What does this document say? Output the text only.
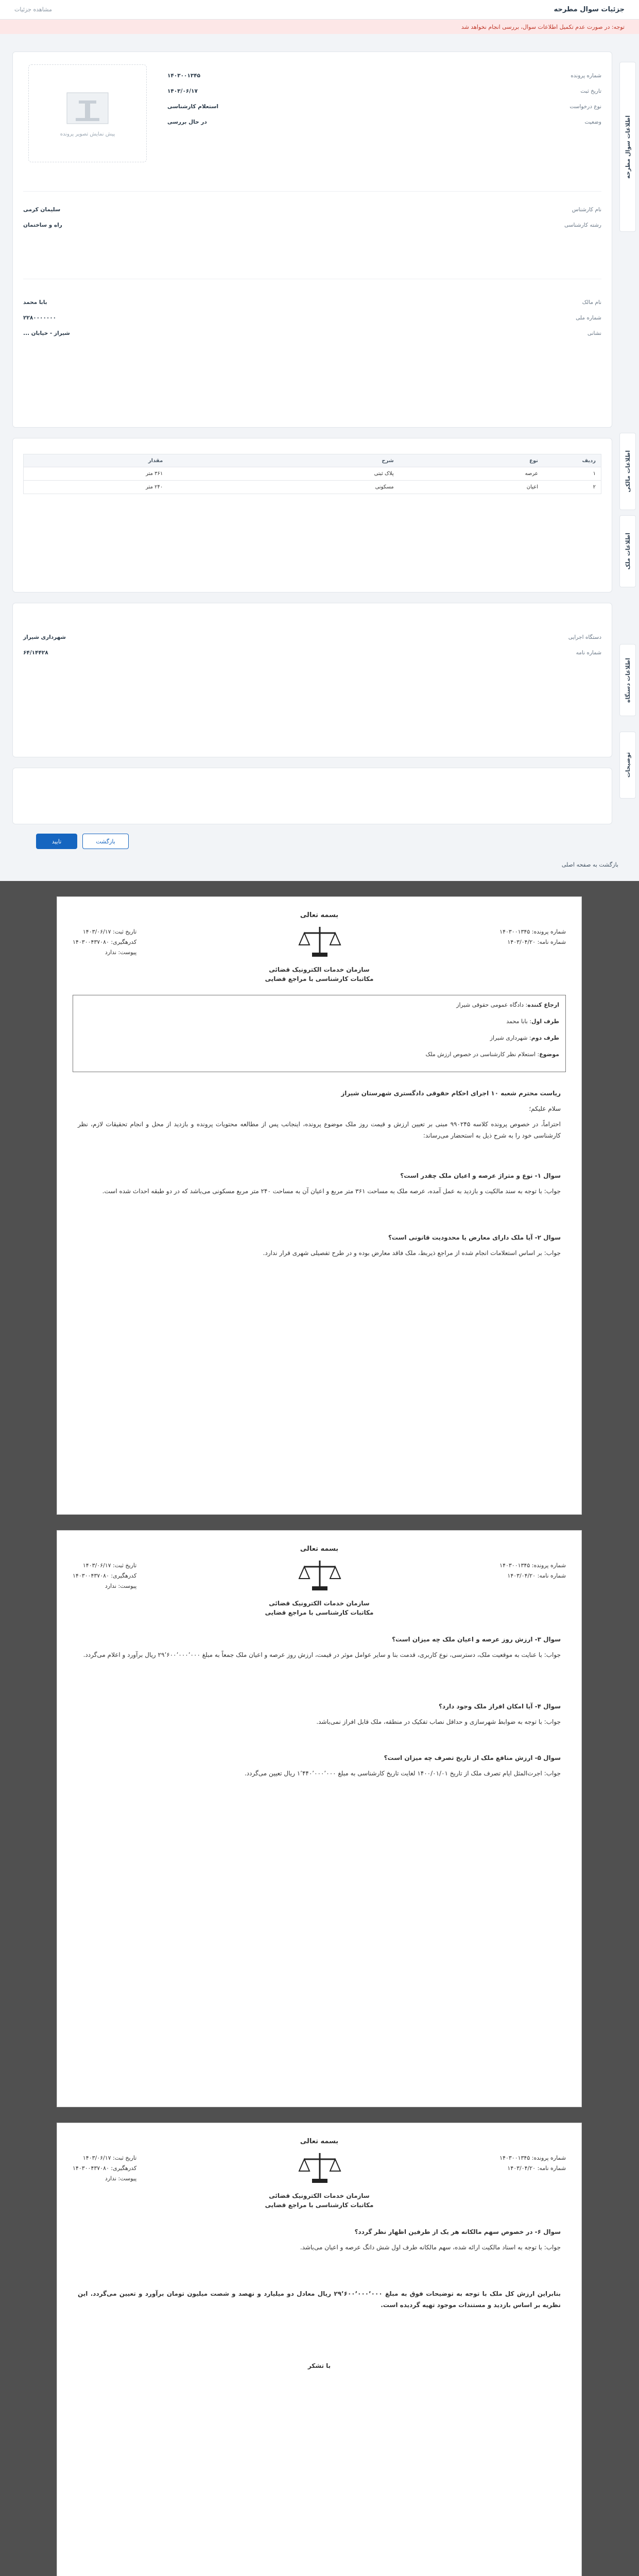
جزئیات سوال مطرحه
مشاهده جزئیات
توجه: در صورت عدم تکمیل اطلاعات سوال، بررسی انجام نخواهد شد
اطلاعات سوال مطرحه
اطلاعات مالکی
اطلاعات ملک
اطلاعات دستگاه
توضیحات
پیش نمایش تصویر پرونده
شماره پرونده
۱۴۰۳۰۰۱۳۴۵
تاریخ ثبت
۱۴۰۳/۰۶/۱۷
نوع درخواست
استعلام کارشناسی
وضعیت
در حال بررسی
نام کارشناس
سلیمان کرمی
رشته کارشناسی
راه و ساختمان
نام مالک
بابا محمد
شماره ملی
۲۲۸۰۰۰۰۰۰۰
نشانی
شیراز - خیابان ...
ردیف
نوع
شرح
مقدار
۱
عرصه
پلاک ثبتی
۳۶۱ متر
۲
اعیان
مسکونی
۲۴۰ متر
دستگاه اجرایی
شهرداری شیراز
شماره نامه
۶۴/۱۴۴۲۸
تایید	بازگشت
بازگشت به صفحه اصلی
بسمه تعالی
تاریخ ثبت: ۱۴۰۳/۰۶/۱۷
کدرهگیری: ۱۴۰۳۰۰۴۳۷۰۸۰
پیوست: ندارد
شماره پرونده: ۱۴۰۳۰۰۱۳۴۵
شماره نامه: ۱۴۰۳/۰۴/۲۰
سازمان خدمات الکترونیک قضائی
مکاتبات کارشناسی با مراجع قضایی
ارجاع کننده: دادگاه عمومی حقوقی شیراز
طرف اول: بابا محمد
طرف دوم: شهرداری شیراز
موضوع: استعلام نظر کارشناسی در خصوص ارزش ملک
ریاست محترم شعبه ۱۰ اجرای احکام حقوقی دادگستری شهرستان شیراز
سلام علیکم؛
احتراماً، در خصوص پرونده کلاسه ۹۹۰۲۴۵ مبنی بر تعیین ارزش و قیمت روز ملک موضوع پرونده، اینجانب پس از مطالعه محتویات پرونده و بازدید از محل و انجام تحقیقات لازم، نظر کارشناسی خود را به شرح ذیل به استحضار می‌رساند:
سوال ۱- نوع و متراژ عرصه و اعیان ملک چقدر است؟
جواب: با توجه به سند مالکیت و بازدید به عمل آمده، عرصه ملک به مساحت ۳۶۱ متر مربع و اعیان آن به مساحت ۲۴۰ متر مربع مسکونی می‌باشد که در دو طبقه احداث شده است.
سوال ۲- آیا ملک دارای معارض یا محدودیت قانونی است؟
جواب: بر اساس استعلامات انجام شده از مراجع ذیربط، ملک فاقد معارض بوده و در طرح تفصیلی شهری قرار ندارد.
بسمه تعالی
تاریخ ثبت: ۱۴۰۳/۰۶/۱۷
کدرهگیری: ۱۴۰۳۰۰۴۳۷۰۸۰
پیوست: ندارد
شماره پرونده: ۱۴۰۳۰۰۱۳۴۵
شماره نامه: ۱۴۰۳/۰۴/۲۰
سازمان خدمات الکترونیک قضائی
مکاتبات کارشناسی با مراجع قضایی
سوال ۳- ارزش روز عرصه و اعیان ملک چه میزان است؟
جواب: با عنایت به موقعیت ملک، دسترسی، نوع کاربری، قدمت بنا و سایر عوامل موثر در قیمت، ارزش روز عرصه و اعیان ملک جمعاً به مبلغ ۲۹٬۶۰۰٬۰۰۰٬۰۰۰ ریال برآورد و اعلام می‌گردد.
سوال ۴- آیا امکان افراز ملک وجود دارد؟
جواب: با توجه به ضوابط شهرسازی و حداقل نصاب تفکیک در منطقه، ملک قابل افراز نمی‌باشد.
سوال ۵- ارزش منافع ملک از تاریخ تصرف چه میزان است؟
جواب: اجرت‌المثل ایام تصرف ملک از تاریخ ۱۴۰۰/۰۱/۰۱ لغایت تاریخ کارشناسی به مبلغ ۱٬۴۴۰٬۰۰۰٬۰۰۰ ریال تعیین می‌گردد.
بسمه تعالی
تاریخ ثبت: ۱۴۰۳/۰۶/۱۷
کدرهگیری: ۱۴۰۳۰۰۴۳۷۰۸۰
پیوست: ندارد
شماره پرونده: ۱۴۰۳۰۰۱۳۴۵
شماره نامه: ۱۴۰۳/۰۴/۲۰
سازمان خدمات الکترونیک قضائی
مکاتبات کارشناسی با مراجع قضایی
سوال ۶- در خصوص سهم مالکانه هر یک از طرفین اظهار نظر گردد؟
جواب: با توجه به اسناد مالکیت ارائه شده، سهم مالکانه طرف اول شش دانگ عرصه و اعیان می‌باشد.
بنابراین ارزش کل ملک با توجه به توضیحات فوق به مبلغ ۲۹٬۶۰۰٬۰۰۰٬۰۰۰ ریال معادل دو میلیارد و نهصد و شصت میلیون تومان برآورد و تعیین می‌گردد. این نظریه بر اساس بازدید و مستندات موجود تهیه گردیده است.
با تشکر
